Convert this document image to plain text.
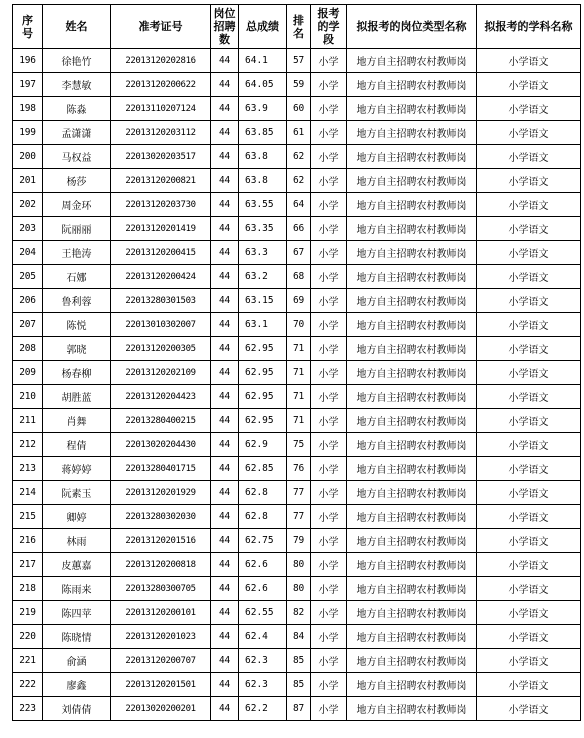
序号	姓名	准考证号	岗位招聘数	总成绩	排名	报考的学段	拟报考的岗位类型名称	拟报考的学科名称
196	徐艳竹	22013120202816	44	64.1	57	小学	地方自主招聘农村教师岗	小学语文
197	李慧敏	22013120200622	44	64.05	59	小学	地方自主招聘农村教师岗	小学语文
198	陈淼	22013110207124	44	63.9	60	小学	地方自主招聘农村教师岗	小学语文
199	孟潇潇	22013120203112	44	63.85	61	小学	地方自主招聘农村教师岗	小学语文
200	马权益	22013020203517	44	63.8	62	小学	地方自主招聘农村教师岗	小学语文
201	杨莎	22013120200821	44	63.8	62	小学	地方自主招聘农村教师岗	小学语文
202	周金环	22013120203730	44	63.55	64	小学	地方自主招聘农村教师岗	小学语文
203	阮丽丽	22013120201419	44	63.35	66	小学	地方自主招聘农村教师岗	小学语文
204	王艳涛	22013120200415	44	63.3	67	小学	地方自主招聘农村教师岗	小学语文
205	石娜	22013120200424	44	63.2	68	小学	地方自主招聘农村教师岗	小学语文
206	鲁利蓉	22013280301503	44	63.15	69	小学	地方自主招聘农村教师岗	小学语文
207	陈悦	22013010302007	44	63.1	70	小学	地方自主招聘农村教师岗	小学语文
208	郭晓	22013120200305	44	62.95	71	小学	地方自主招聘农村教师岗	小学语文
209	杨春柳	22013120202109	44	62.95	71	小学	地方自主招聘农村教师岗	小学语文
210	胡胜蓝	22013120204423	44	62.95	71	小学	地方自主招聘农村教师岗	小学语文
211	肖舞	22013280400215	44	62.95	71	小学	地方自主招聘农村教师岗	小学语文
212	程倩	22013020204430	44	62.9	75	小学	地方自主招聘农村教师岗	小学语文
213	蒋婷婷	22013280401715	44	62.85	76	小学	地方自主招聘农村教师岗	小学语文
214	阮素玉	22013120201929	44	62.8	77	小学	地方自主招聘农村教师岗	小学语文
215	卿婷	22013280302030	44	62.8	77	小学	地方自主招聘农村教师岗	小学语文
216	林雨	22013120201516	44	62.75	79	小学	地方自主招聘农村教师岗	小学语文
217	皮蕙嘉	22013120200818	44	62.6	80	小学	地方自主招聘农村教师岗	小学语文
218	陈雨来	22013280300705	44	62.6	80	小学	地方自主招聘农村教师岗	小学语文
219	陈四苹	22013120200101	44	62.55	82	小学	地方自主招聘农村教师岗	小学语文
220	陈晓情	22013120201023	44	62.4	84	小学	地方自主招聘农村教师岗	小学语文
221	俞涵	22013120200707	44	62.3	85	小学	地方自主招聘农村教师岗	小学语文
222	廖鑫	22013120201501	44	62.3	85	小学	地方自主招聘农村教师岗	小学语文
223	刘倩倩	22013020200201	44	62.2	87	小学	地方自主招聘农村教师岗	小学语文
